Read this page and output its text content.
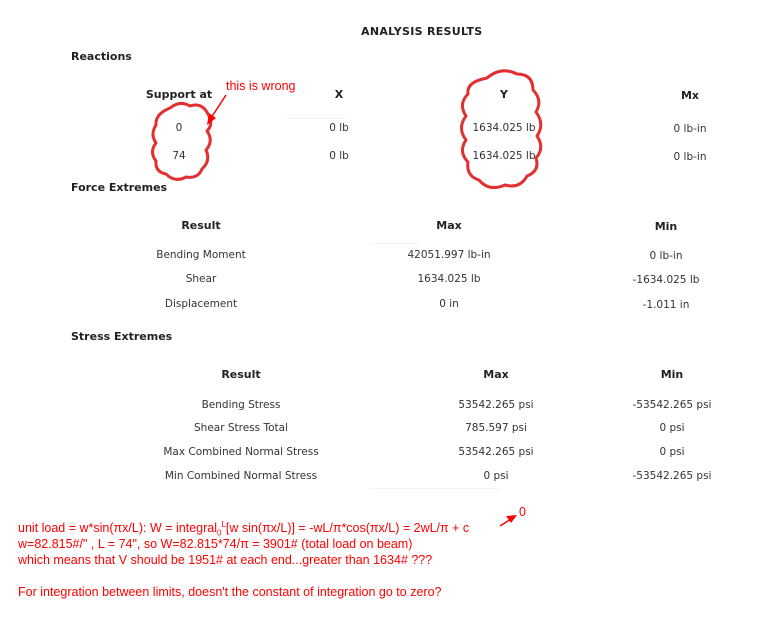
ANALYSIS RESULTS
Reactions
Support at	X	Y	Mx
0	0 lb	1634.025 lb	0 lb-in
74	0 lb	1634.025 lb	0 lb-in
Force Extremes
Result	Max	Min
Bending Moment	42051.997 lb-in	0 lb-in
Shear	1634.025 lb	-1634.025 lb
Displacement	0 in	-1.011 in
Stress Extremes
Result	Max	Min
Bending Stress	53542.265 psi	-53542.265 psi
Shear Stress Total	785.597 psi	0 psi
Max Combined Normal Stress	53542.265 psi	0 psi
Min Combined Normal Stress	0 psi	-53542.265 psi
this is wrong
0
unit load = w*sin(πx/L): W = integral$_0^L$[w sin(πx/L)] = -wL/π*cos(πx/L) = 2wL/π + c
w=82.815#/" , L = 74", so W=82.815*74/π = 3901# (total load on beam)
which means that V should be 1951# at each end...greater than 1634# ???
For integration between limits, doesn't the constant of integration go to zero?
